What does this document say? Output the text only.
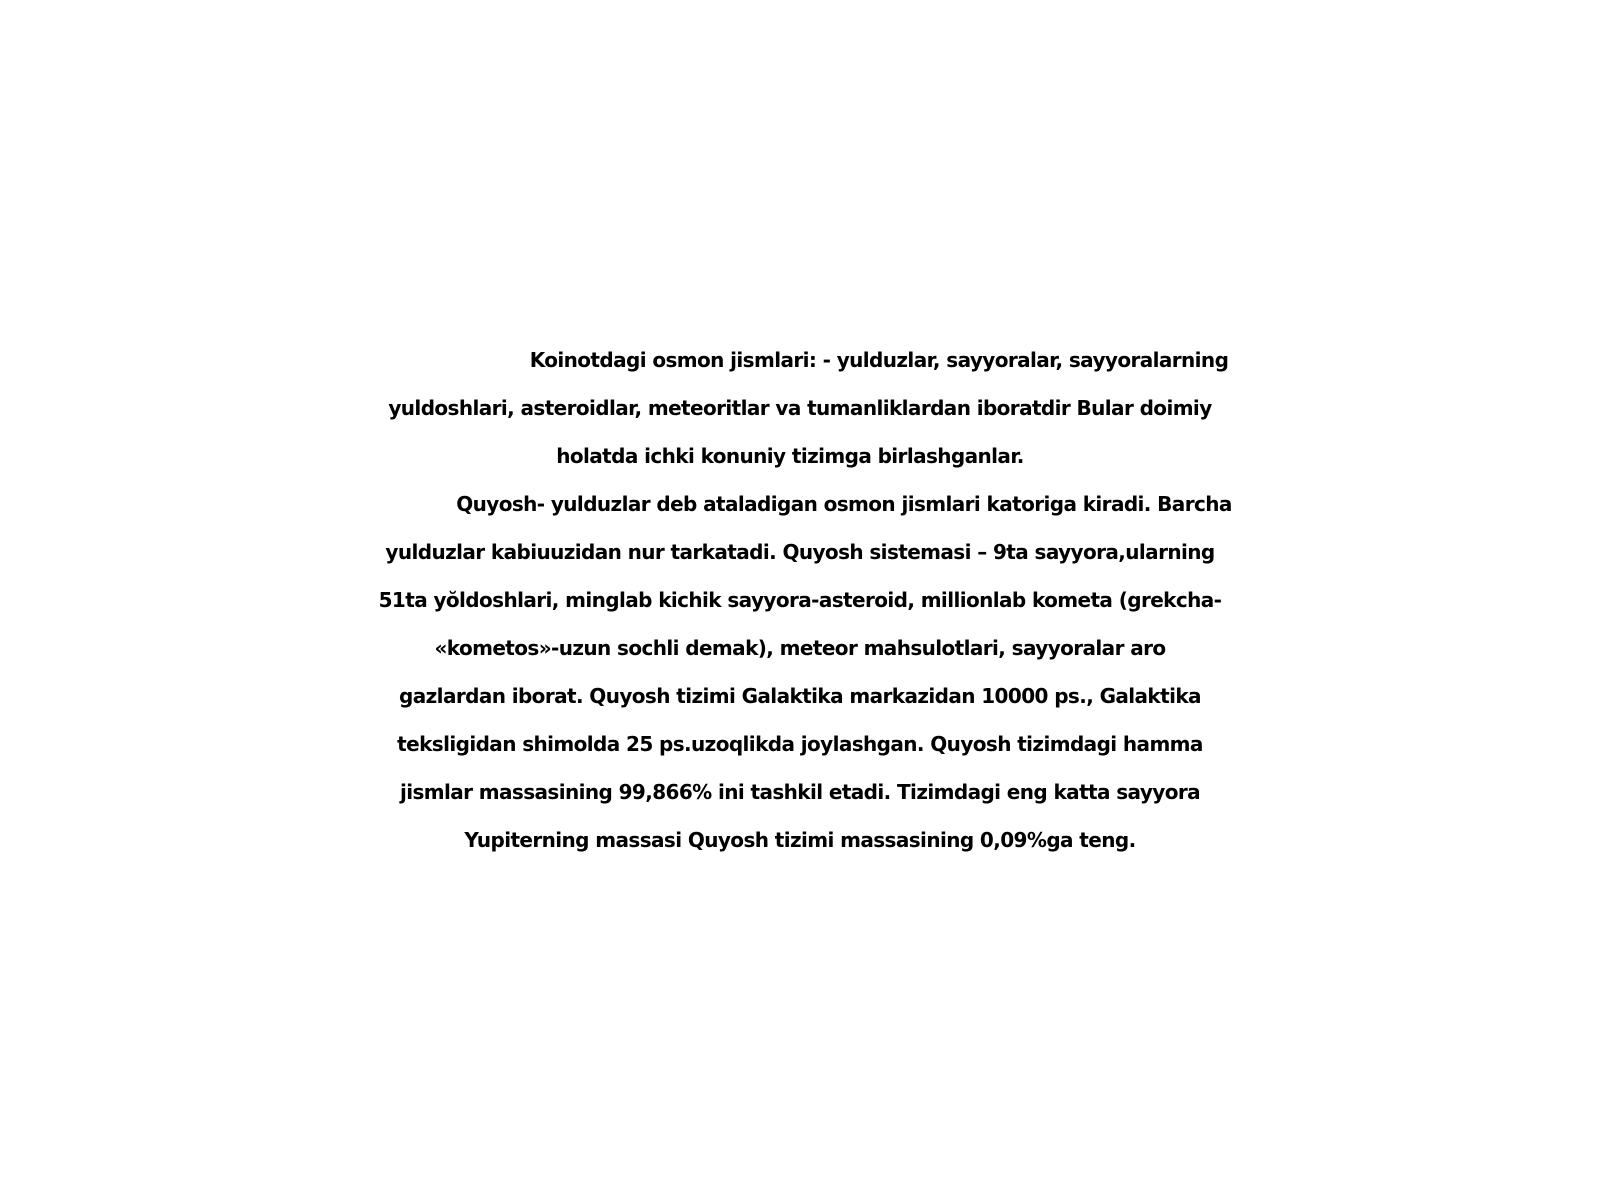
Koinotdagi osmon jismlari: - yulduzlar, sayyoralar, sayyoralarning
yuldoshlari, asteroidlar, meteoritlar va tumanliklardan iboratdir Bular doimiy
holatda ichki konuniy tizimga birlashganlar.

Quyosh- yulduzlar deb ataladigan osmon jismlari katoriga kiradi. Barcha
yulduzlar kabiuuzidan nur tarkatadi. Quyosh sistemasi – 9ta sayyora,ularning
51ta yŏldoshlari, minglab kichik sayyora-asteroid, millionlab kometa (grekcha-
«kometos»-uzun sochli demak), meteor mahsulotlari, sayyoralar aro
gazlardan iborat. Quyosh tizimi Galaktika markazidan 10000 ps., Galaktika
teksligidan shimolda 25 ps.uzoqlikda joylashgan. Quyosh tizimdagi hamma
jismlar massasining 99,866% ini tashkil etadi. Tizimdagi eng katta sayyora
Yupiterning massasi Quyosh tizimi massasining 0,09%ga teng.
